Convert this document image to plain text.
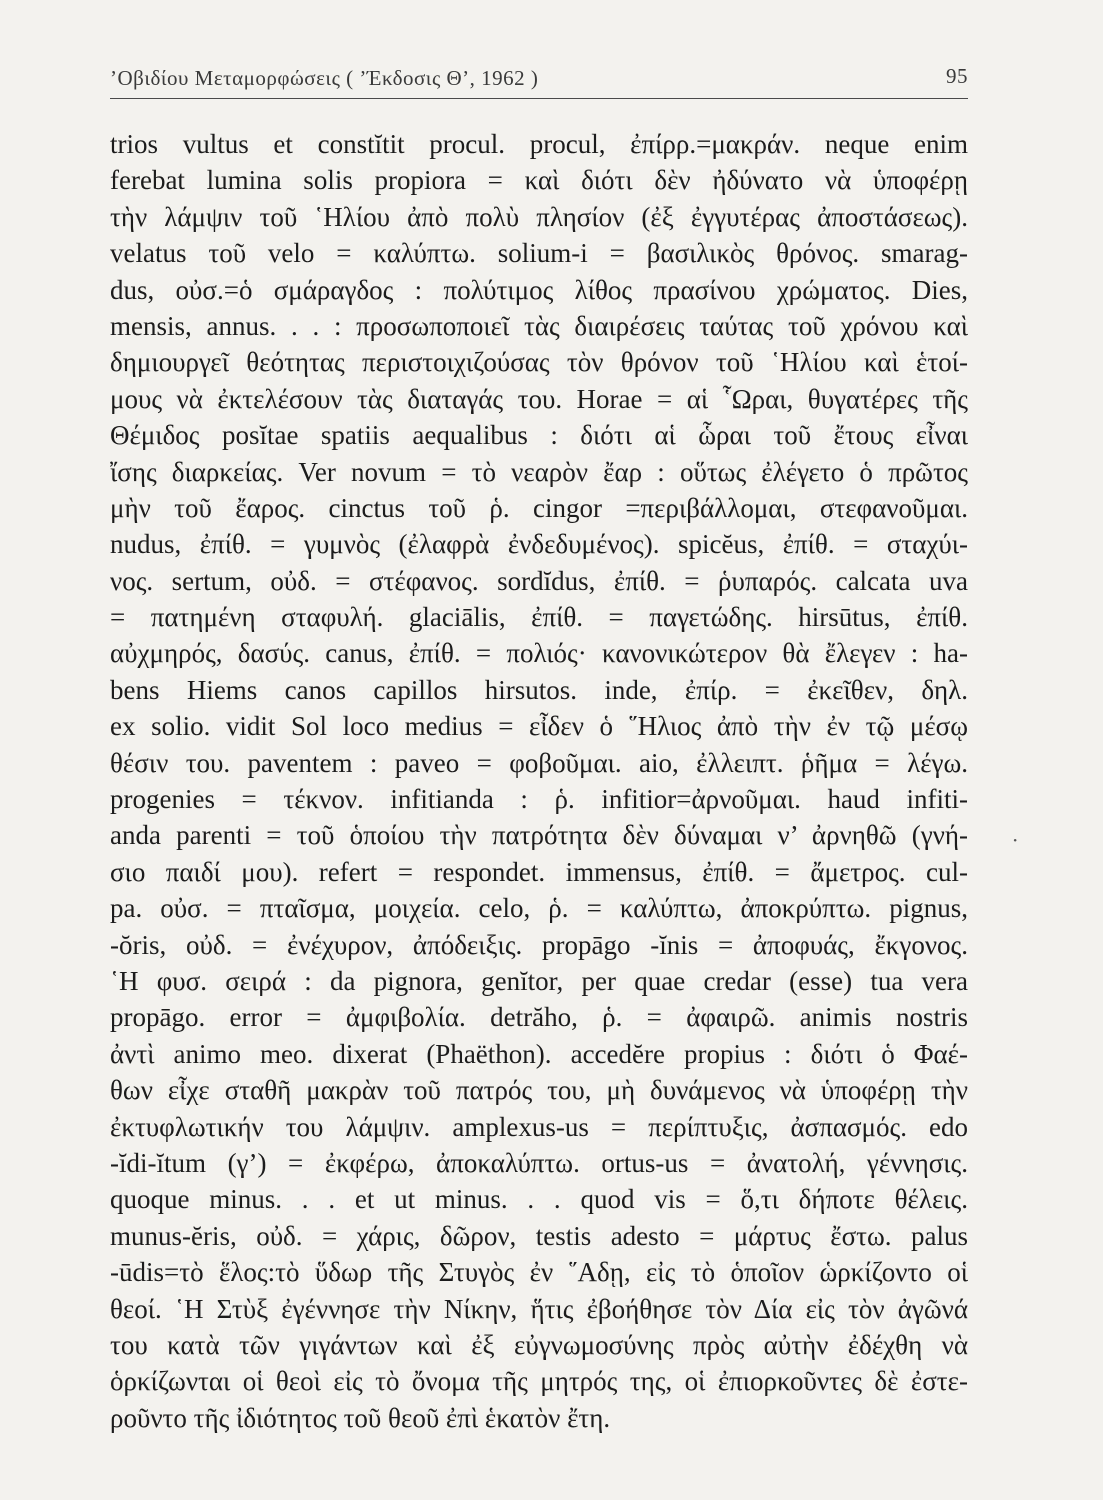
’Οβιδίου Μεταμορφώσεις ( ’Έκδοσις Θ’, 1962 )	95
trios vultus et constĭtit procul. procul, ἐπίρρ.=μακράν. neque enim
ferebat lumina solis propiora = καὶ διότι δὲν ἠδύνατο νὰ ὑποφέρῃ
τὴν λάμψιν τοῦ ῾Ηλίου ἀπὸ πολὺ πλησίον (ἐξ ἐγγυτέρας ἀποστάσεως).
velatus τοῦ velo = καλύπτω. solium-i = βασιλικὸς θρόνος. smarag-
dus, οὐσ.=ὁ σμάραγδος : πολύτιμος λίθος πρασίνου χρώματος. Dies,
mensis, annus. . . : προσωποποιεῖ τὰς διαιρέσεις ταύτας τοῦ χρόνου καὶ
δημιουργεῖ θεότητας περιστοιχιζούσας τὸν θρόνον τοῦ ῾Ηλίου καὶ ἑτοί-
μους νὰ ἐκτελέσουν τὰς διαταγάς του. Horae = αἱ ῟Ωραι, θυγατέρες τῆς
Θέμιδος posĭtae spatiis aequalibus : διότι αἱ ὧραι τοῦ ἔτους εἶναι
ἴσης διαρκείας. Ver novum = τὸ νεαρὸν ἔαρ : οὕτως ἐλέγετο ὁ πρῶτος
μὴν τοῦ ἔαρος. cinctus τοῦ ῥ. cingor =περιβάλλομαι, στεφανοῦμαι.
nudus, ἐπίθ. = γυμνὸς (ἐλαφρὰ ἐνδεδυμένος). spicĕus, ἐπίθ. = σταχύι-
νος. sertum, οὐδ. = στέφανος. sordĭdus, ἐπίθ. = ῥυπαρός. calcata uva
= πατημένη σταφυλή. glaciālis, ἐπίθ. = παγετώδης. hirsūtus, ἐπίθ.
αὐχμηρός, δασύς. canus, ἐπίθ. = πολιός· κανονικώτερον θὰ ἔλεγεν : ha-
bens Hiems canos capillos hirsutos. inde, ἐπίρ. = ἐκεῖθεν, δηλ.
ex solio. vidit Sol loco medius = εἶδεν ὁ ῞Ηλιος ἀπὸ τὴν ἐν τῷ μέσῳ
θέσιν του. paventem : paveo = φοβοῦμαι. aio, ἐλλειπτ. ῥῆμα = λέγω.
progenies = τέκνον. infitianda : ῥ. infitior=ἀρνοῦμαι. haud infiti-
anda parenti = τοῦ ὁποίου τὴν πατρότητα δὲν δύναμαι ν’ ἀρνηθῶ (γνή-
σιο παιδί μου). refert = respondet. immensus, ἐπίθ. = ἄμετρος. cul-
pa. οὐσ. = πταῖσμα, μοιχεία. celo, ῥ. = καλύπτω, ἀποκρύπτω. pignus,
-ŏris, οὐδ. = ἐνέχυρον, ἀπόδειξις. propāgo -ĭnis = ἀποφυάς, ἔκγονος.
῾Η φυσ. σειρά : da pignora, genĭtor, per quae credar (esse) tua vera
propāgo. error = ἀμφιβολία. detrăho, ῥ. = ἀφαιρῶ. animis nostris
ἀντὶ animo meo. dixerat (Phaëthon). accedĕre propius : διότι ὁ Φαέ-
θων εἶχε σταθῆ μακρὰν τοῦ πατρός του, μὴ δυνάμενος νὰ ὑποφέρῃ τὴν
ἐκτυφλωτικήν του λάμψιν. amplexus-us = περίπτυξις, ἀσπασμός. edo
-ĭdi-ĭtum (γ’) = ἐκφέρω, ἀποκαλύπτω. ortus-us = ἀνατολή, γέννησις.
quoque minus. . . et ut minus. . . quod vis = ὅ,τι δήποτε θέλεις.
munus-ĕris, οὐδ. = χάρις, δῶρον, testis adesto = μάρτυς ἔστω. palus
-ūdis=τὸ ἕλος:τὸ ὕδωρ τῆς Στυγὸς ἐν ῞Αδῃ, εἰς τὸ ὁποῖον ὡρκίζοντο οἱ
θεοί. ῾Η Στὺξ ἐγέννησε τὴν Νίκην, ἥτις ἐβοήθησε τὸν Δία εἰς τὸν ἀγῶνά
του κατὰ τῶν γιγάντων καὶ ἐξ εὐγνωμοσύνης πρὸς αὐτὴν ἐδέχθη νὰ
ὁρκίζωνται οἱ θεοὶ εἰς τὸ ὄνομα τῆς μητρός της, οἱ ἐπιορκοῦντες δὲ ἐστε-
ροῦντο τῆς ἰδιότητος τοῦ θεοῦ ἐπὶ ἑκατὸν ἔτη.
·
